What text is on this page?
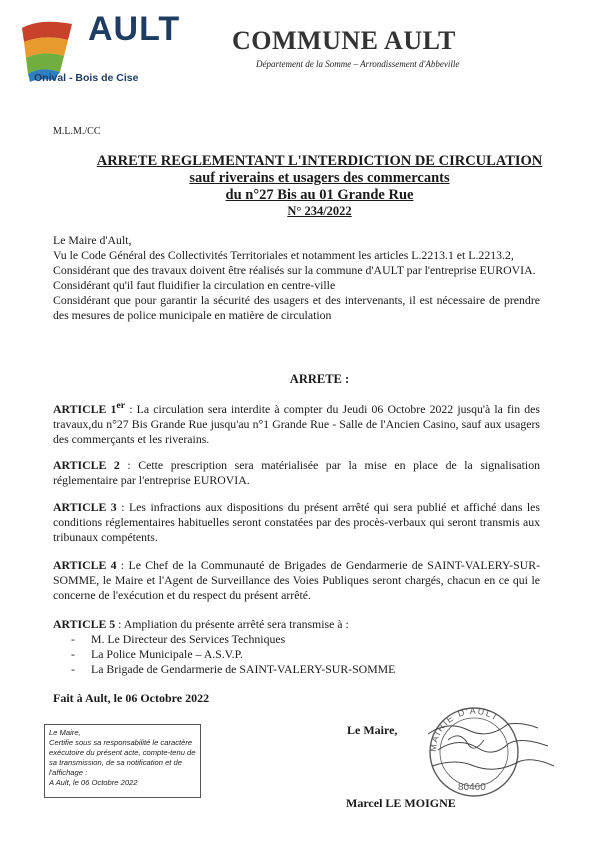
AULT
Onival - Bois de Cise
COMMUNE AULT
Département de la Somme – Arrondissement d'Abbeville
M.L.M./CC
ARRETE REGLEMENTANT L'INTERDICTION DE CIRCULATION
sauf riverains et usagers des commercants
du n°27 Bis au 01 Grande Rue
N° 234/2022

Le Maire d'Ault,

Vu le Code Général des Collectivités Territoriales et notamment les articles L.2213.1 et L.2213.2,

Considérant que des travaux doivent être réalisés sur la commune d'AULT par l'entreprise EUROVIA.

Considérant qu'il faut fluidifier la circulation en centre-ville

Considérant que pour garantir la sécurité des usagers et des intervenants, il est nécessaire de prendre des mesures de police municipale en matière de circulation

ARRETE :

ARTICLE 1er : La circulation sera interdite à compter du Jeudi 06 Octobre 2022 jusqu'à la fin des travaux,du n°27 Bis Grande Rue jusqu'au n°1 Grande Rue - Salle de l'Ancien Casino, sauf aux usagers des commerçants et les riverains.

ARTICLE 2 : Cette prescription sera matérialisée par la mise en place de la signalisation réglementaire par l'entreprise EUROVIA.

ARTICLE 3 : Les infractions aux dispositions du présent arrêté qui sera publié et affiché dans les conditions réglementaires habituelles seront constatées par des procès-verbaux qui seront transmis aux tribunaux compétents.

ARTICLE 4 : Le Chef de la Communauté de Brigades de Gendarmerie de SAINT-VALERY-SUR-SOMME, le Maire et l'Agent de Surveillance des Voies Publiques seront chargés, chacun en ce qui le concerne de l'exécution et du respect du présent arrêté.

ARTICLE 5 : Ampliation du présente arrêté sera transmise à :

- M. Le Directeur des Services Techniques
- La Police Municipale – A.S.V.P.
- La Brigade de Gendarmerie de SAINT-VALERY-SUR-SOMME
Fait à Ault, le 06 Octobre 2022

Le Maire,

Certifie sous sa responsabilité le caractère exécutoire du présent acte, compte-tenu de sa transmission, de sa notification et de l'affichage :

A Ault, le 06 Octobre 2022

Le Maire,
MAIRIE D'AULT
80460
Marcel LE MOIGNE
